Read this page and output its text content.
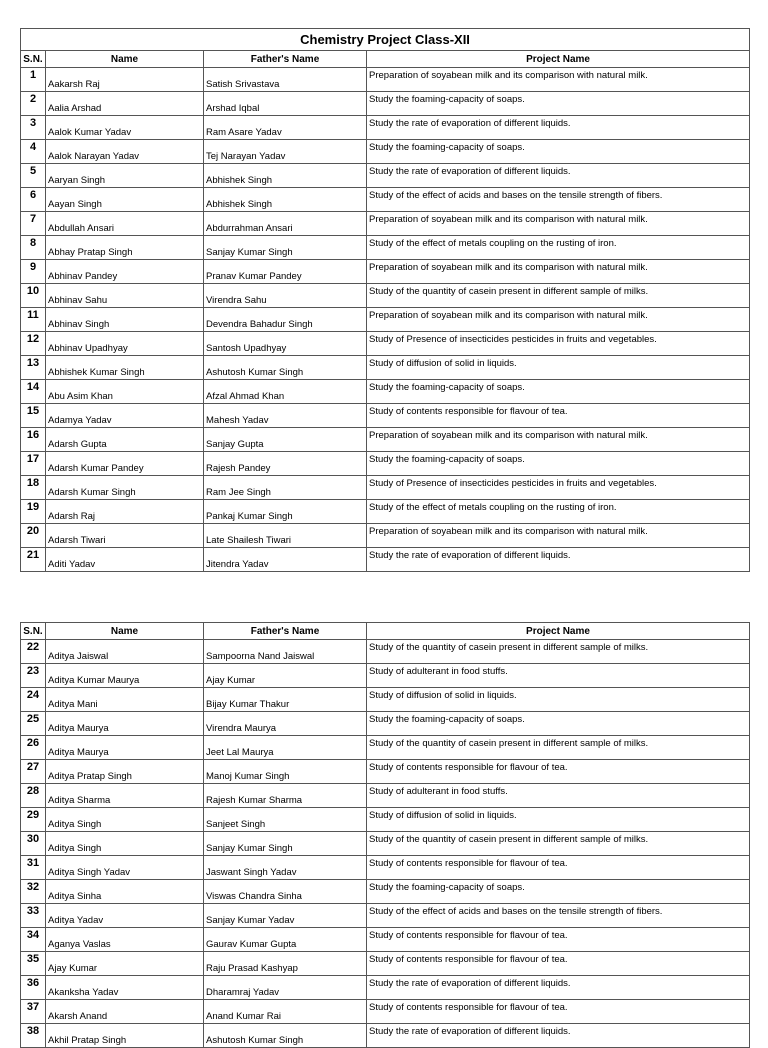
Chemistry Project Class-XII			
S.N.	Name	Father's Name	Project Name
1	Aakarsh Raj	Satish Srivastava	Preparation of soyabean milk and its comparison with natural milk.
2	Aalia Arshad	Arshad Iqbal	Study the foaming-capacity of soaps.
3	Aalok Kumar Yadav	Ram Asare Yadav	Study the rate of evaporation of different liquids.
4	Aalok Narayan Yadav	Tej Narayan Yadav	Study the foaming-capacity of soaps.
5	Aaryan Singh	Abhishek Singh	Study the rate of evaporation of different liquids.
6	Aayan Singh	Abhishek Singh	Study of the effect of acids and bases on the tensile strength of fibers.
7	Abdullah Ansari	Abdurrahman Ansari	Preparation of soyabean milk and its comparison with natural milk.
8	Abhay Pratap Singh	Sanjay Kumar Singh	Study of the effect of metals coupling on the rusting of iron.
9	Abhinav Pandey	Pranav Kumar Pandey	Preparation of soyabean milk and its comparison with natural milk.
10	Abhinav Sahu	Virendra Sahu	Study of the quantity of casein present in different sample of milks.
11	Abhinav Singh	Devendra Bahadur Singh	Preparation of soyabean milk and its comparison with natural milk.
12	Abhinav Upadhyay	Santosh Upadhyay	Study of Presence of insecticides pesticides in fruits and vegetables.
13	Abhishek Kumar Singh	Ashutosh Kumar Singh	Study of diffusion of solid in liquids.
14	Abu Asim Khan	Afzal Ahmad Khan	Study the foaming-capacity of soaps.
15	Adamya Yadav	Mahesh Yadav	Study of contents responsible for flavour of tea.
16	Adarsh Gupta	Sanjay Gupta	Preparation of soyabean milk and its comparison with natural milk.
17	Adarsh Kumar Pandey	Rajesh Pandey	Study the foaming-capacity of soaps.
18	Adarsh Kumar Singh	Ram Jee Singh	Study of Presence of insecticides pesticides in fruits and vegetables.
19	Adarsh Raj	Pankaj Kumar Singh	Study of the effect of metals coupling on the rusting of iron.
20	Adarsh Tiwari	Late Shailesh Tiwari	Preparation of soyabean milk and its comparison with natural milk.
21	Aditi Yadav	Jitendra Yadav	Study the rate of evaporation of different liquids.
S.N.	Name	Father's Name	Project Name
22	Aditya Jaiswal	Sampoorna Nand Jaiswal	Study of the quantity of casein present in different sample of milks.
23	Aditya Kumar Maurya	Ajay Kumar	Study of adulterant in food stuffs.
24	Aditya Mani	Bijay Kumar Thakur	Study of diffusion of solid in liquids.
25	Aditya Maurya	Virendra Maurya	Study the foaming-capacity of soaps.
26	Aditya Maurya	Jeet Lal Maurya	Study of the quantity of casein present in different sample of milks.
27	Aditya Pratap Singh	Manoj Kumar Singh	Study of contents responsible for flavour of tea.
28	Aditya Sharma	Rajesh Kumar Sharma	Study of adulterant in food stuffs.
29	Aditya Singh	Sanjeet Singh	Study of diffusion of solid in liquids.
30	Aditya Singh	Sanjay Kumar Singh	Study of the quantity of casein present in different sample of milks.
31	Aditya Singh Yadav	Jaswant Singh Yadav	Study of contents responsible for flavour of tea.
32	Aditya Sinha	Viswas Chandra Sinha	Study the foaming-capacity of soaps.
33	Aditya Yadav	Sanjay Kumar Yadav	Study of the effect of acids and bases on the tensile strength of fibers.
34	Aganya Vaslas	Gaurav Kumar Gupta	Study of contents responsible for flavour of tea.
35	Ajay Kumar	Raju Prasad Kashyap	Study of contents responsible for flavour of tea.
36	Akanksha Yadav	Dharamraj Yadav	Study the rate of evaporation of different liquids.
37	Akarsh Anand	Anand Kumar Rai	Study of contents responsible for flavour of tea.
38	Akhil Pratap Singh	Ashutosh Kumar Singh	Study the rate of evaporation of different liquids.
